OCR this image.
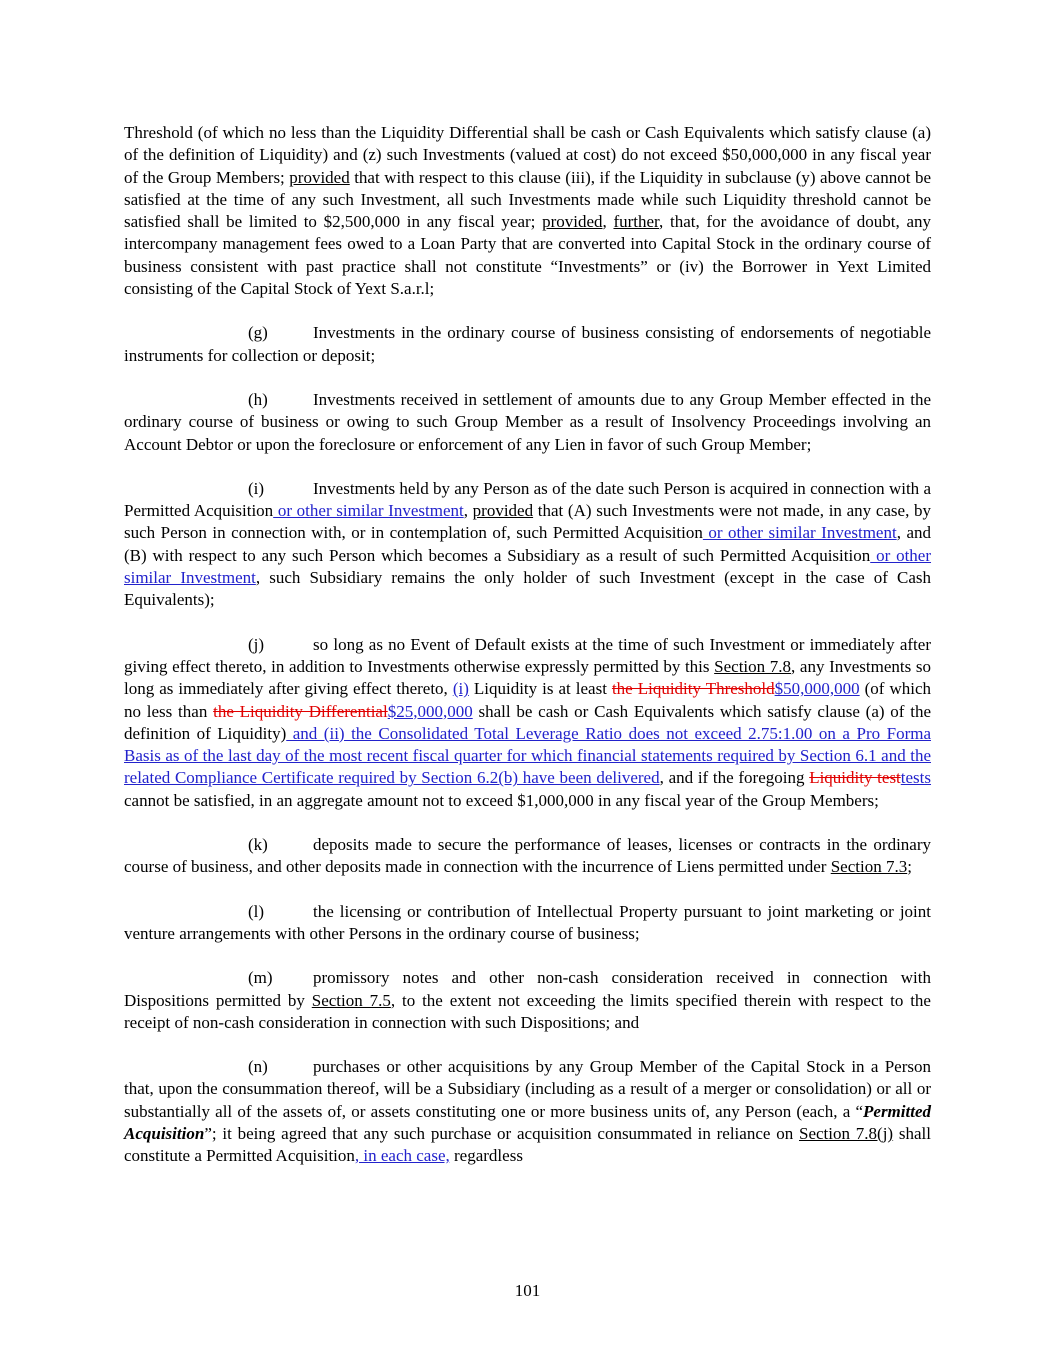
Threshold (of which no less than the Liquidity Differential shall be cash or Cash Equivalents which satisfy clause (a) of the definition of Liquidity) and (z) such Investments (valued at cost) do not exceed $50,000,000 in any fiscal year of the Group Members; provided that with respect to this clause (iii), if the Liquidity in subclause (y) above cannot be satisfied at the time of any such Investment, all such Investments made while such Liquidity threshold cannot be satisfied shall be limited to $2,500,000 in any fiscal year; provided, further, that, for the avoidance of doubt, any intercompany management fees owed to a Loan Party that are converted into Capital Stock in the ordinary course of business consistent with past practice shall not constitute “Investments” or (iv) the Borrower in Yext Limited consisting of the Capital Stock of Yext S.a.r.l;

(g)	Investments in the ordinary course of business consisting of endorsements of negotiable instruments for collection or deposit;

(h)	Investments received in settlement of amounts due to any Group Member effected in the ordinary course of business or owing to such Group Member as a result of Insolvency Proceedings involving an Account Debtor or upon the foreclosure or enforcement of any Lien in favor of such Group Member;

(i)	Investments held by any Person as of the date such Person is acquired in connection with a Permitted Acquisition or other similar Investment, provided that (A) such Investments were not made, in any case, by such Person in connection with, or in contemplation of, such Permitted Acquisition or other similar Investment, and (B) with respect to any such Person which becomes a Subsidiary as a result of such Permitted Acquisition or other similar Investment, such Subsidiary remains the only holder of such Investment (except in the case of Cash Equivalents);

(j)	so long as no Event of Default exists at the time of such Investment or immediately after giving effect thereto, in addition to Investments otherwise expressly permitted by this Section 7.8, any Investments so long as immediately after giving effect thereto, (i) Liquidity is at least the Liquidity Threshold$50,000,000 (of which no less than the Liquidity Differential$25,000,000 shall be cash or Cash Equivalents which satisfy clause (a) of the definition of Liquidity) and (ii) the Consolidated Total Leverage Ratio does not exceed 2.75:1.00 on a Pro Forma Basis as of the last day of the most recent fiscal quarter for which financial statements required by Section 6.1 and the related Compliance Certificate required by Section 6.2(b) have been delivered, and if the foregoing Liquidity testtests cannot be satisfied, in an aggregate amount not to exceed $1,000,000 in any fiscal year of the Group Members;

(k)	deposits made to secure the performance of leases, licenses or contracts in the ordinary course of business, and other deposits made in connection with the incurrence of Liens permitted under Section 7.3;

(l)	the licensing or contribution of Intellectual Property pursuant to joint marketing or joint venture arrangements with other Persons in the ordinary course of business;

(m) promissory notes and other non-cash consideration received in connection with Dispositions permitted by Section 7.5, to the extent not exceeding the limits specified therein with respect to the receipt of non-cash consideration in connection with such Dispositions; and

(n)	purchases or other acquisitions by any Group Member of the Capital Stock in a Person that, upon the consummation thereof, will be a Subsidiary (including as a result of a merger or consolidation) or all or substantially all of the assets of, or assets constituting one or more business units of, any Person (each, a “Permitted Acquisition”; it being agreed that any such purchase or acquisition consummated in reliance on Section 7.8(j) shall constitute a Permitted Acquisition, in each case, regardless

101
